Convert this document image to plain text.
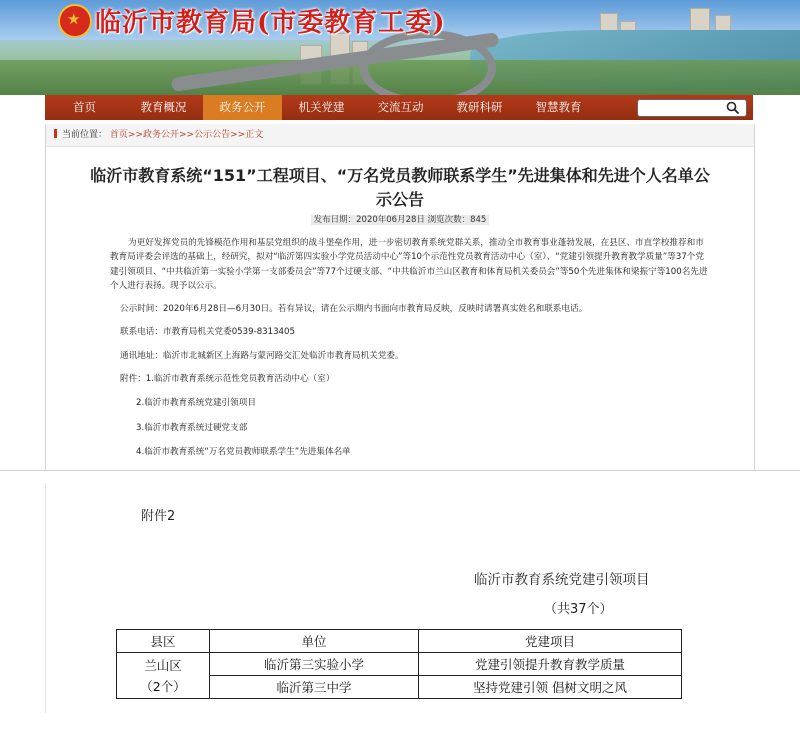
★
临沂市教育局(市委教育工委)
首页	教育概况	政务公开	机关党建	交流互动	教研科研	智慧教育
当前位置： 首页>>政务公开>>公示公告>>正文
临沂市教育系统“151”工程项目、“万名党员教师联系学生”先进集体和先进个人名单公示公告
发布日期：2020年06月28日 浏览次数：845

为更好发挥党员的先锋模范作用和基层党组织的战斗堡垒作用，进一步密切教育系统党群关系，推动全市教育事业蓬勃发展，在县区、市直学校推荐和市教育局评委会评选的基础上，经研究，拟对“临沂第四实验小学党员活动中心”等10个示范性党员教育活动中心（室）、“党建引领提升教育教学质量”等37个党建引领项目、“中共临沂第一实验小学第一支部委员会”等77个过硬支部、“中共临沂市兰山区教育和体育局机关委员会”等50个先进集体和梁振宁等100名先进个人进行表扬。现予以公示。

公示时间：2020年6月28日—6月30日。若有异议，请在公示期内书面向市教育局反映，反映时请署真实姓名和联系电话。

联系电话：市教育局机关党委0539-8313405

通讯地址：临沂市北城新区上海路与蒙河路交汇处临沂市教育局机关党委。

附件：1.临沂市教育系统示范性党员教育活动中心（室）

2.临沂市教育系统党建引领项目

3.临沂市教育系统过硬党支部

4.临沂市教育系统“万名党员教师联系学生”先进集体名单

附件2
临沂市教育系统党建引领项目
（共37个）
县区	单位	党建项目

兰山区
（2个）	临沂第三实验小学	党建引领提升教育教学质量
	临沂第三中学	坚持党建引领 倡树文明之风
